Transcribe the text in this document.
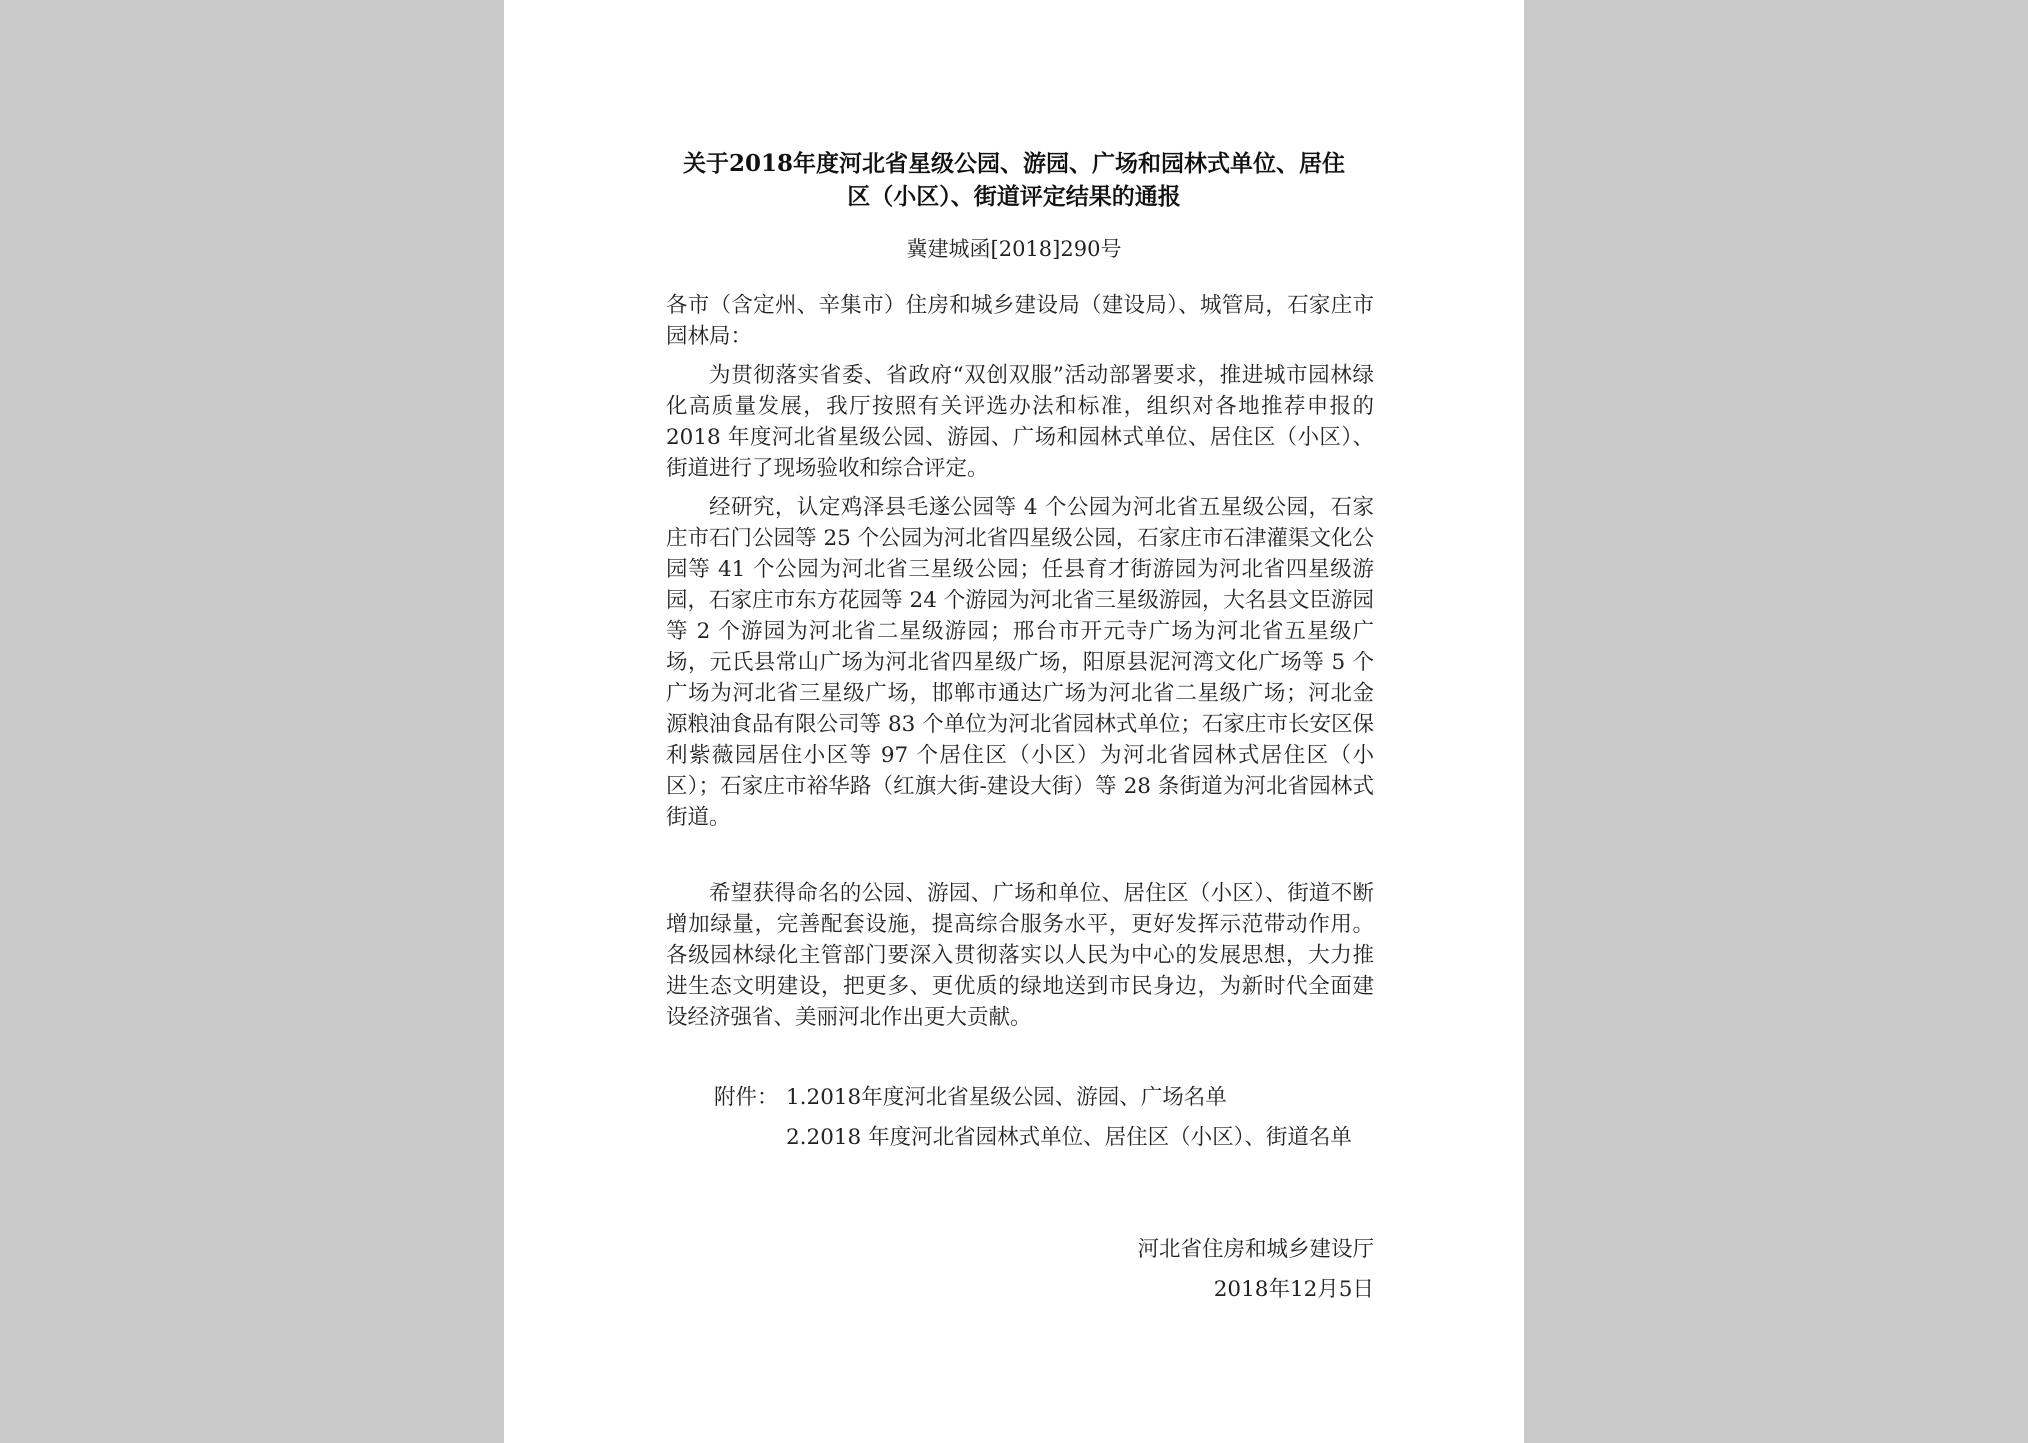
关于2018年度河北省星级公园、游园、广场和园林式单位、居住
区（小区）、街道评定结果的通报
冀建城函[2018]290号
各市（含定州、辛集市）住房和城乡建设局（建设局）、城管局，石家庄市园林局：
为贯彻落实省委、省政府“双创双服”活动部署要求，推进城市园林绿化高质量发展，我厅按照有关评选办法和标准，组织对各地推荐申报的 2018 年度河北省星级公园、游园、广场和园林式单位、居住区（小区）、街道进行了现场验收和综合评定。
经研究，认定鸡泽县毛遂公园等 4 个公园为河北省五星级公园，石家庄市石门公园等 25 个公园为河北省四星级公园，石家庄市石津灌渠文化公园等 41 个公园为河北省三星级公园；任县育才街游园为河北省四星级游园，石家庄市东方花园等 24 个游园为河北省三星级游园，大名县文臣游园等 2 个游园为河北省二星级游园；邢台市开元寺广场为河北省五星级广场，元氏县常山广场为河北省四星级广场，阳原县泥河湾文化广场等 5 个广场为河北省三星级广场，邯郸市通达广场为河北省二星级广场；河北金源粮油食品有限公司等 83 个单位为河北省园林式单位；石家庄市长安区保利紫薇园居住小区等 97 个居住区（小区）为河北省园林式居住区（小区）；石家庄市裕华路（红旗大街-建设大街）等 28 条街道为河北省园林式街道。
希望获得命名的公园、游园、广场和单位、居住区（小区）、街道不断增加绿量，完善配套设施，提高综合服务水平，更好发挥示范带动作用。各级园林绿化主管部门要深入贯彻落实以人民为中心的发展思想，大力推进生态文明建设，把更多、更优质的绿地送到市民身边，为新时代全面建设经济强省、美丽河北作出更大贡献。
附件： 1.2018年度河北省星级公园、游园、广场名单
2.2018 年度河北省园林式单位、居住区（小区）、街道名单
河北省住房和城乡建设厅
2018年12月5日
